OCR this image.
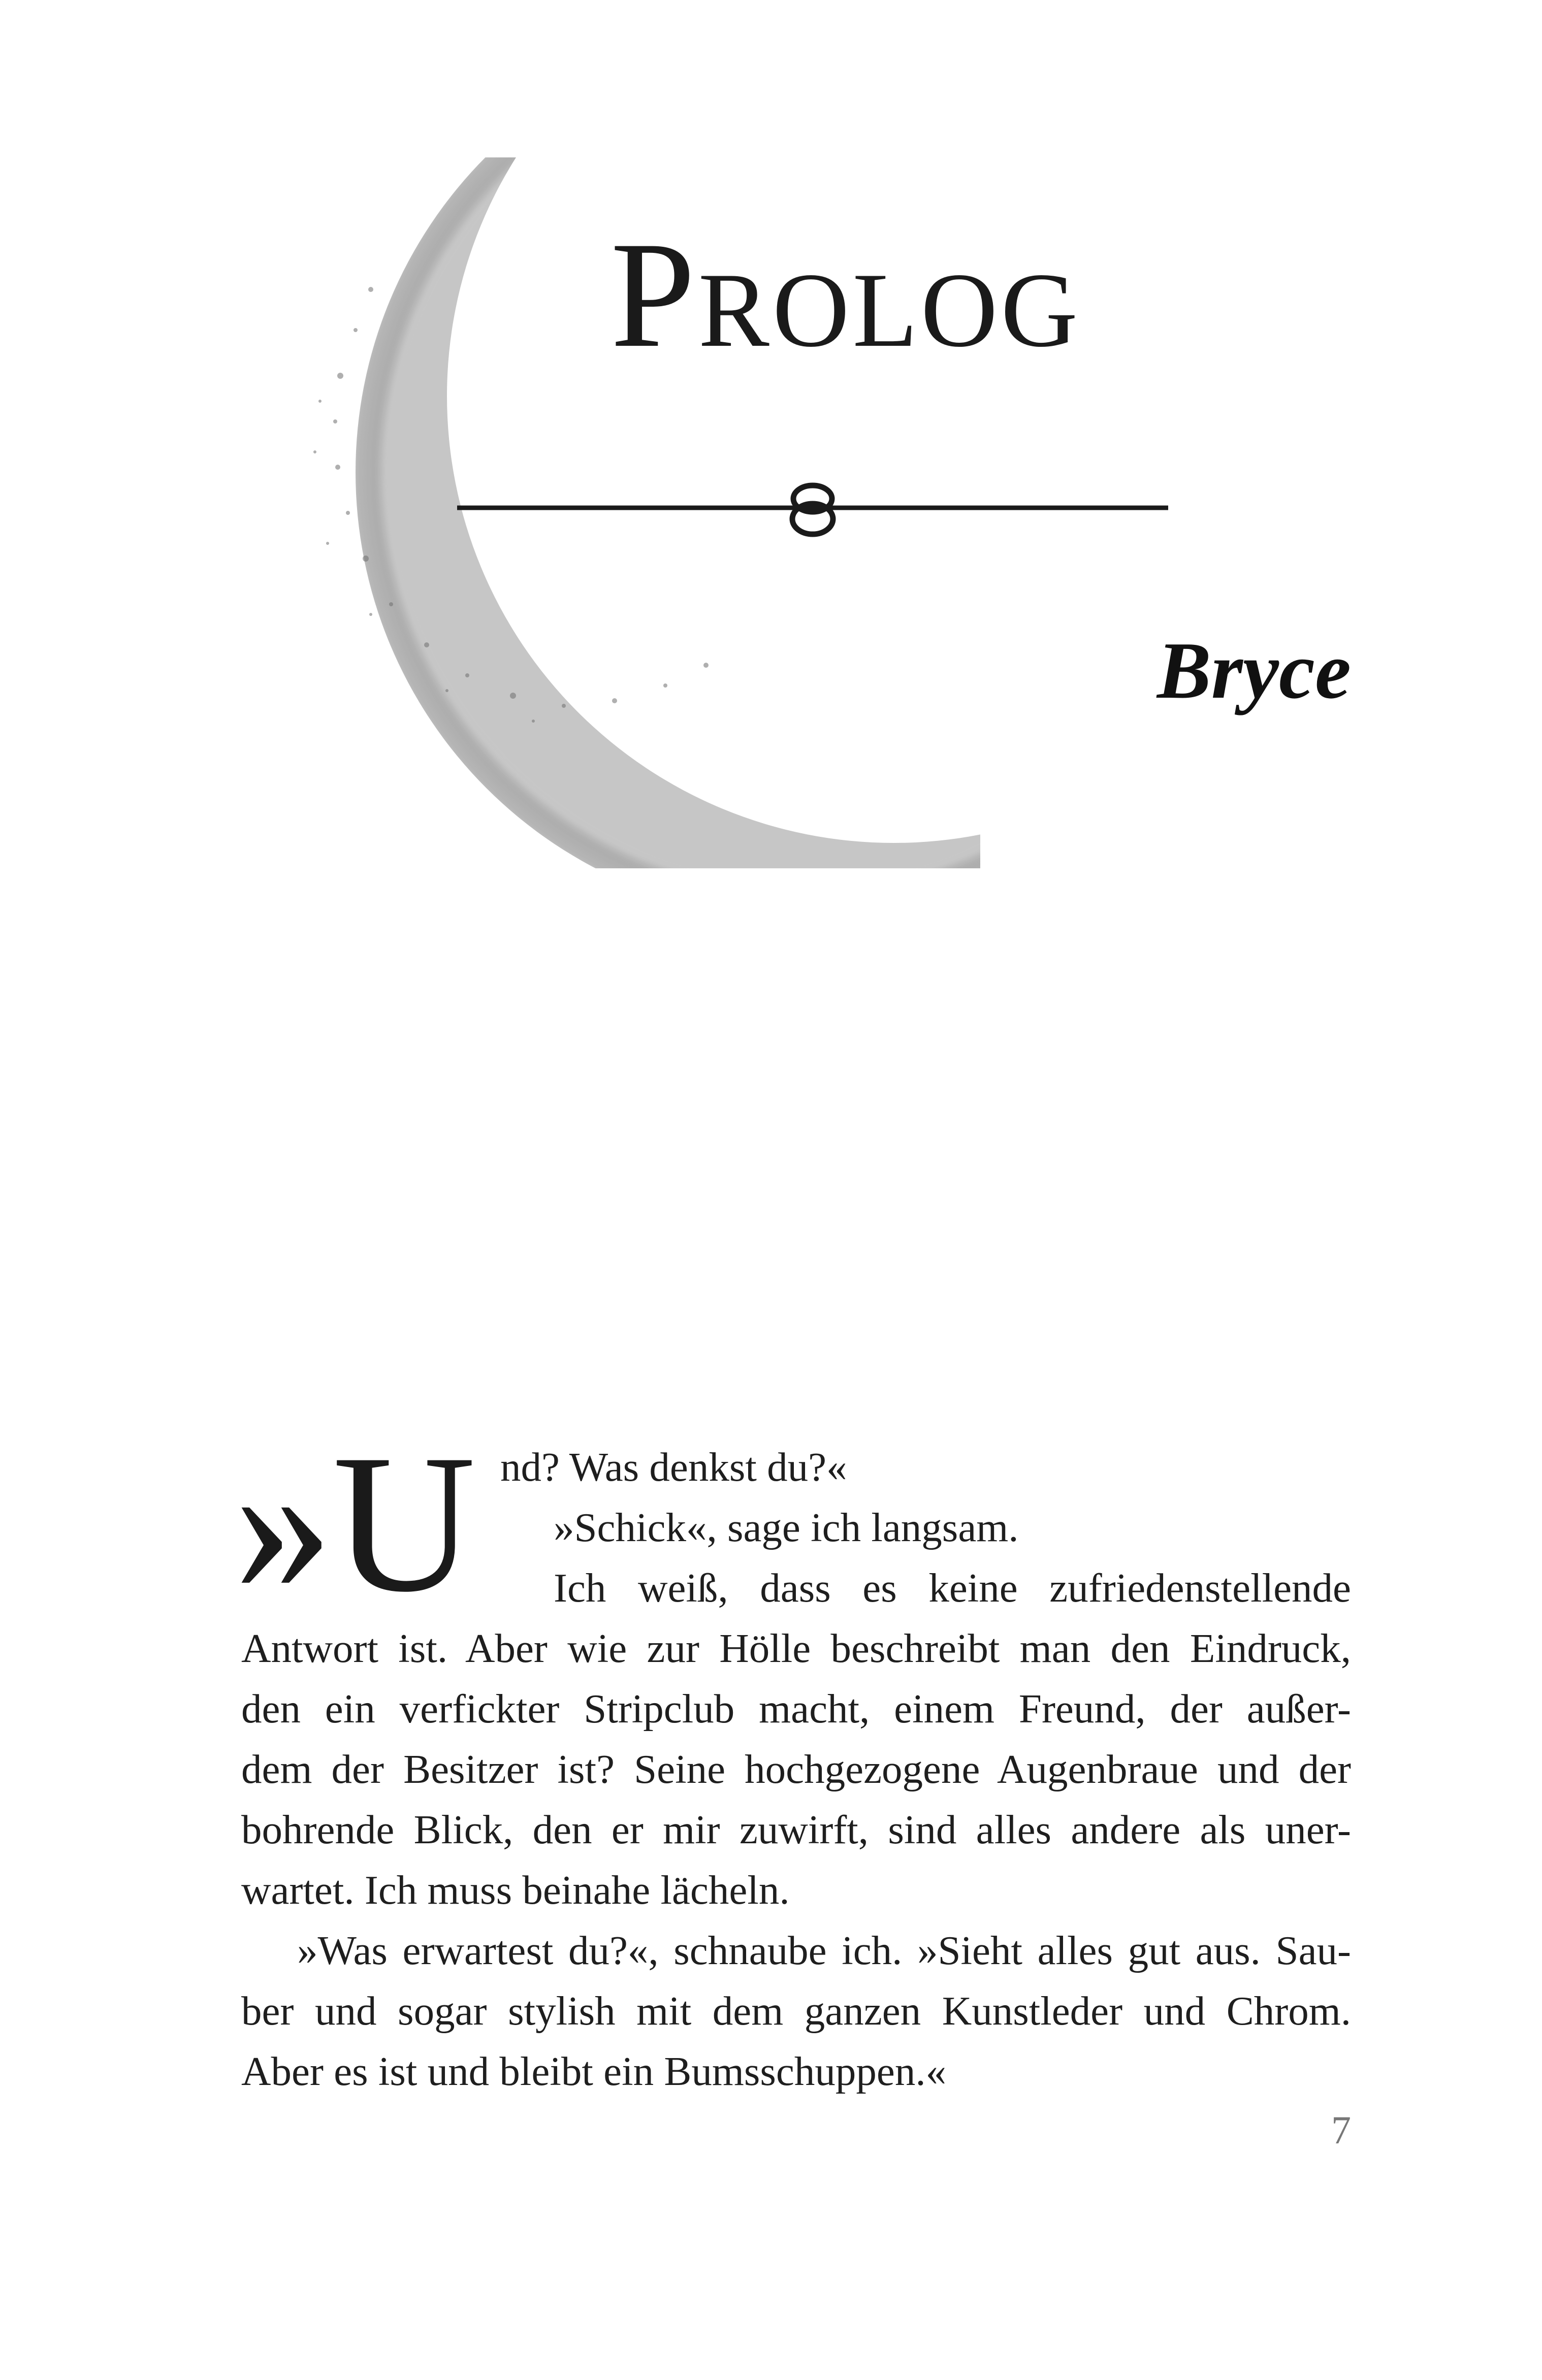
Prolog
Bryce
»U nd? Was denkst du?«

»Schick«, sage ich langsam.

Ich weiß, dass es keine zufriedenstellende

Antwort ist. Aber wie zur Hölle beschreibt man den Eindruck,

den ein verfickter Stripclub macht, einem Freund, der außer-

dem der Besitzer ist? Seine hochgezogene Augenbraue und der

bohrende Blick, den er mir zuwirft, sind alles andere als uner-

wartet. Ich muss beinahe lächeln.

»Was erwartest du?«, schnaube ich. »Sieht alles gut aus. Sau-

ber und sogar stylish mit dem ganzen Kunstleder und Chrom.

Aber es ist und bleibt ein Bumsschuppen.«

7
